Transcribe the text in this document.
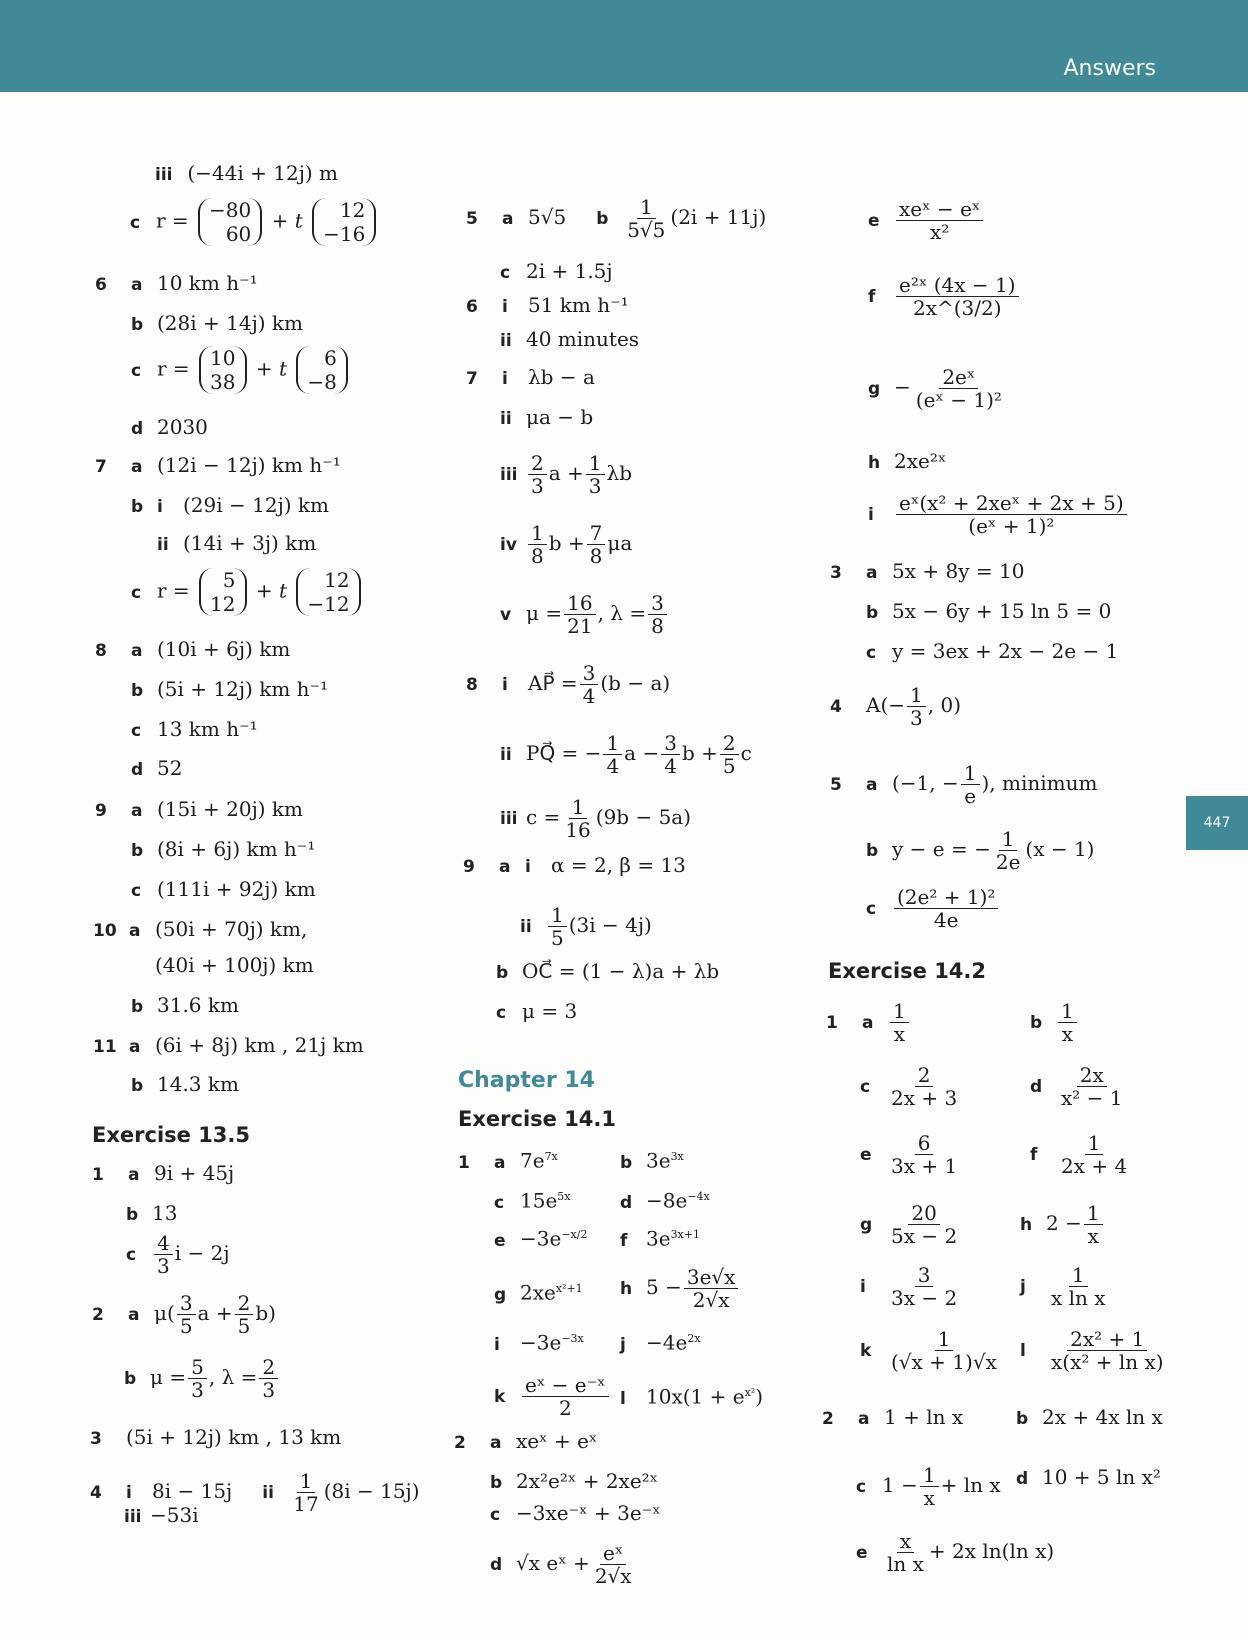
Answers
447
iii (−44i + 12j) m
c r = −80
60
+ t 12
−16
6 a 10 km h⁻¹
b (28i + 14j) km
c r = 10
38
+ t 6
−8
d 2030
7 a (12i − 12j) km h⁻¹
b i (29i − 12j) km
ii (14i + 3j) km
c r = 5
12
+ t 12
−12
8 a (10i + 6j) km
b (5i + 12j) km h⁻¹
c 13 km h⁻¹
d 52
9 a (15i + 20j) km
b (8i + 6j) km h⁻¹
c (111i + 92j) km
10 a (50i + 70j) km,
(40i + 100j) km
b 31.6 km
11 a (6i + 8j) km , 21j km
b 14.3 km
Exercise 13.5
1 a 9i + 45j
b 13
c $\frac{4}{3}$ i − 2j
2 a $\mu( \frac{3}{5}$ $a + \frac{2}{5} b$)
b $\mu = \frac{5}{3}$ , $\lambda = \frac{2}{3}$
3 (5i + 12j) km , 13 km
4 i 8i − 15j ii $\frac{1}{17} (8i - 15j)$
iii −53i
5 a 5√5 b $\frac{1}{5√5} (2i + 11j)$
c 2i + 1.5j
6 i 51 km h⁻¹
ii 40 minutes
7 i λb − a
ii μa − b
iii $\frac{2}{3}$ $a + \frac{1}{3}$ λb
iv $\frac{1}{8}$ $b + \frac{7}{8}$ μa
v $\mu = \frac{16}{21}$ , $\lambda = \frac{3}{8}$
8 i AP⃗ = $\frac{3}{4} (b - a)$
ii PQ⃗ = − $\frac{1}{4}$ $a - \frac{3}{4}$ $b + \frac{2}{5}$ c
iii $c = \frac{1}{16} (9b - 5a)$
9 a i α = 2, β = 13
ii $\frac{1}{5} (3i - 4j)$
b OC⃗ = (1 − λ)a + λb
c μ = 3
Chapter 14
Exercise 14.1
1 a $7e^{7x}$	b $3e^{3x}$
c $15e^{5x}$	$d -8e^{-4x}$
$e -3e^{-x/2}$ f $3e^{3x+1}$
g $2xe^{x^2+1}$ h $5 - \frac{3e√x}{2√x}$
$i -3e^{-3x}$ $j -4e^{2x}$
k $\frac{\text{eˣ − e⁻ˣ}}{2}$ l $10x(1 + e^{x^2})$
2 a xeˣ + eˣ
b 2x²e²ˣ + 2xe²ˣ
c −3xe⁻ˣ + 3e⁻ˣ
d √x eˣ + $\frac{\text{eˣ}}{2√x}$
e $\frac{\text{xeˣ − eˣ}}{\text{x²}}$
f $\frac{\text{e²ˣ (4x − 1)}}{2x\^{}(3/2)}$
$g - \frac{\text{2eˣ}}{\text{(eˣ − 1)²}}$
h 2xe²ˣ
i $\frac{\text{eˣ(x² + 2xeˣ + 2x + 5)}}{\text{(eˣ + 1)²}}$
3 a 5x + 8y = 10
b 5x − 6y + 15 ln 5 = 0
c y = 3ex + 2x − 2e − 1
4 $A(- \frac{1}{3}$ , 0)
5 a (−1, − $\frac{1}{e}$ ), minimum
b y − e = − $\frac{1}{2e} (x - 1)$
c $\frac{\text{(2e² + 1)²}}{4e}$
Exercise 14.2
1 a $\frac{1}{x}$	b $\frac{1}{x}$
c $\frac{2}{2x + 3}$	d $\frac{2x}{\text{x² − 1}}$
e $\frac{6}{3x + 1}$	f $\frac{1}{2x + 4}$
g $\frac{20}{5x - 2}$	h $2 - \frac{1}{x}$
i $\frac{3}{3x - 2}$	j $\frac{1}{\text{x ln x}}$
k $\frac{1}{(√x + 1)√x}$ l $\frac{\text{2x² + 1}}{\text{x(x² + ln x)}}$
2 a 1 + ln x	b 2x + 4x ln x
c $1 - \frac{1}{x} + \ln x$ d 10 + 5 ln x²
e $\frac{x}{\text{ln x}} + 2x$ ln(ln x)
